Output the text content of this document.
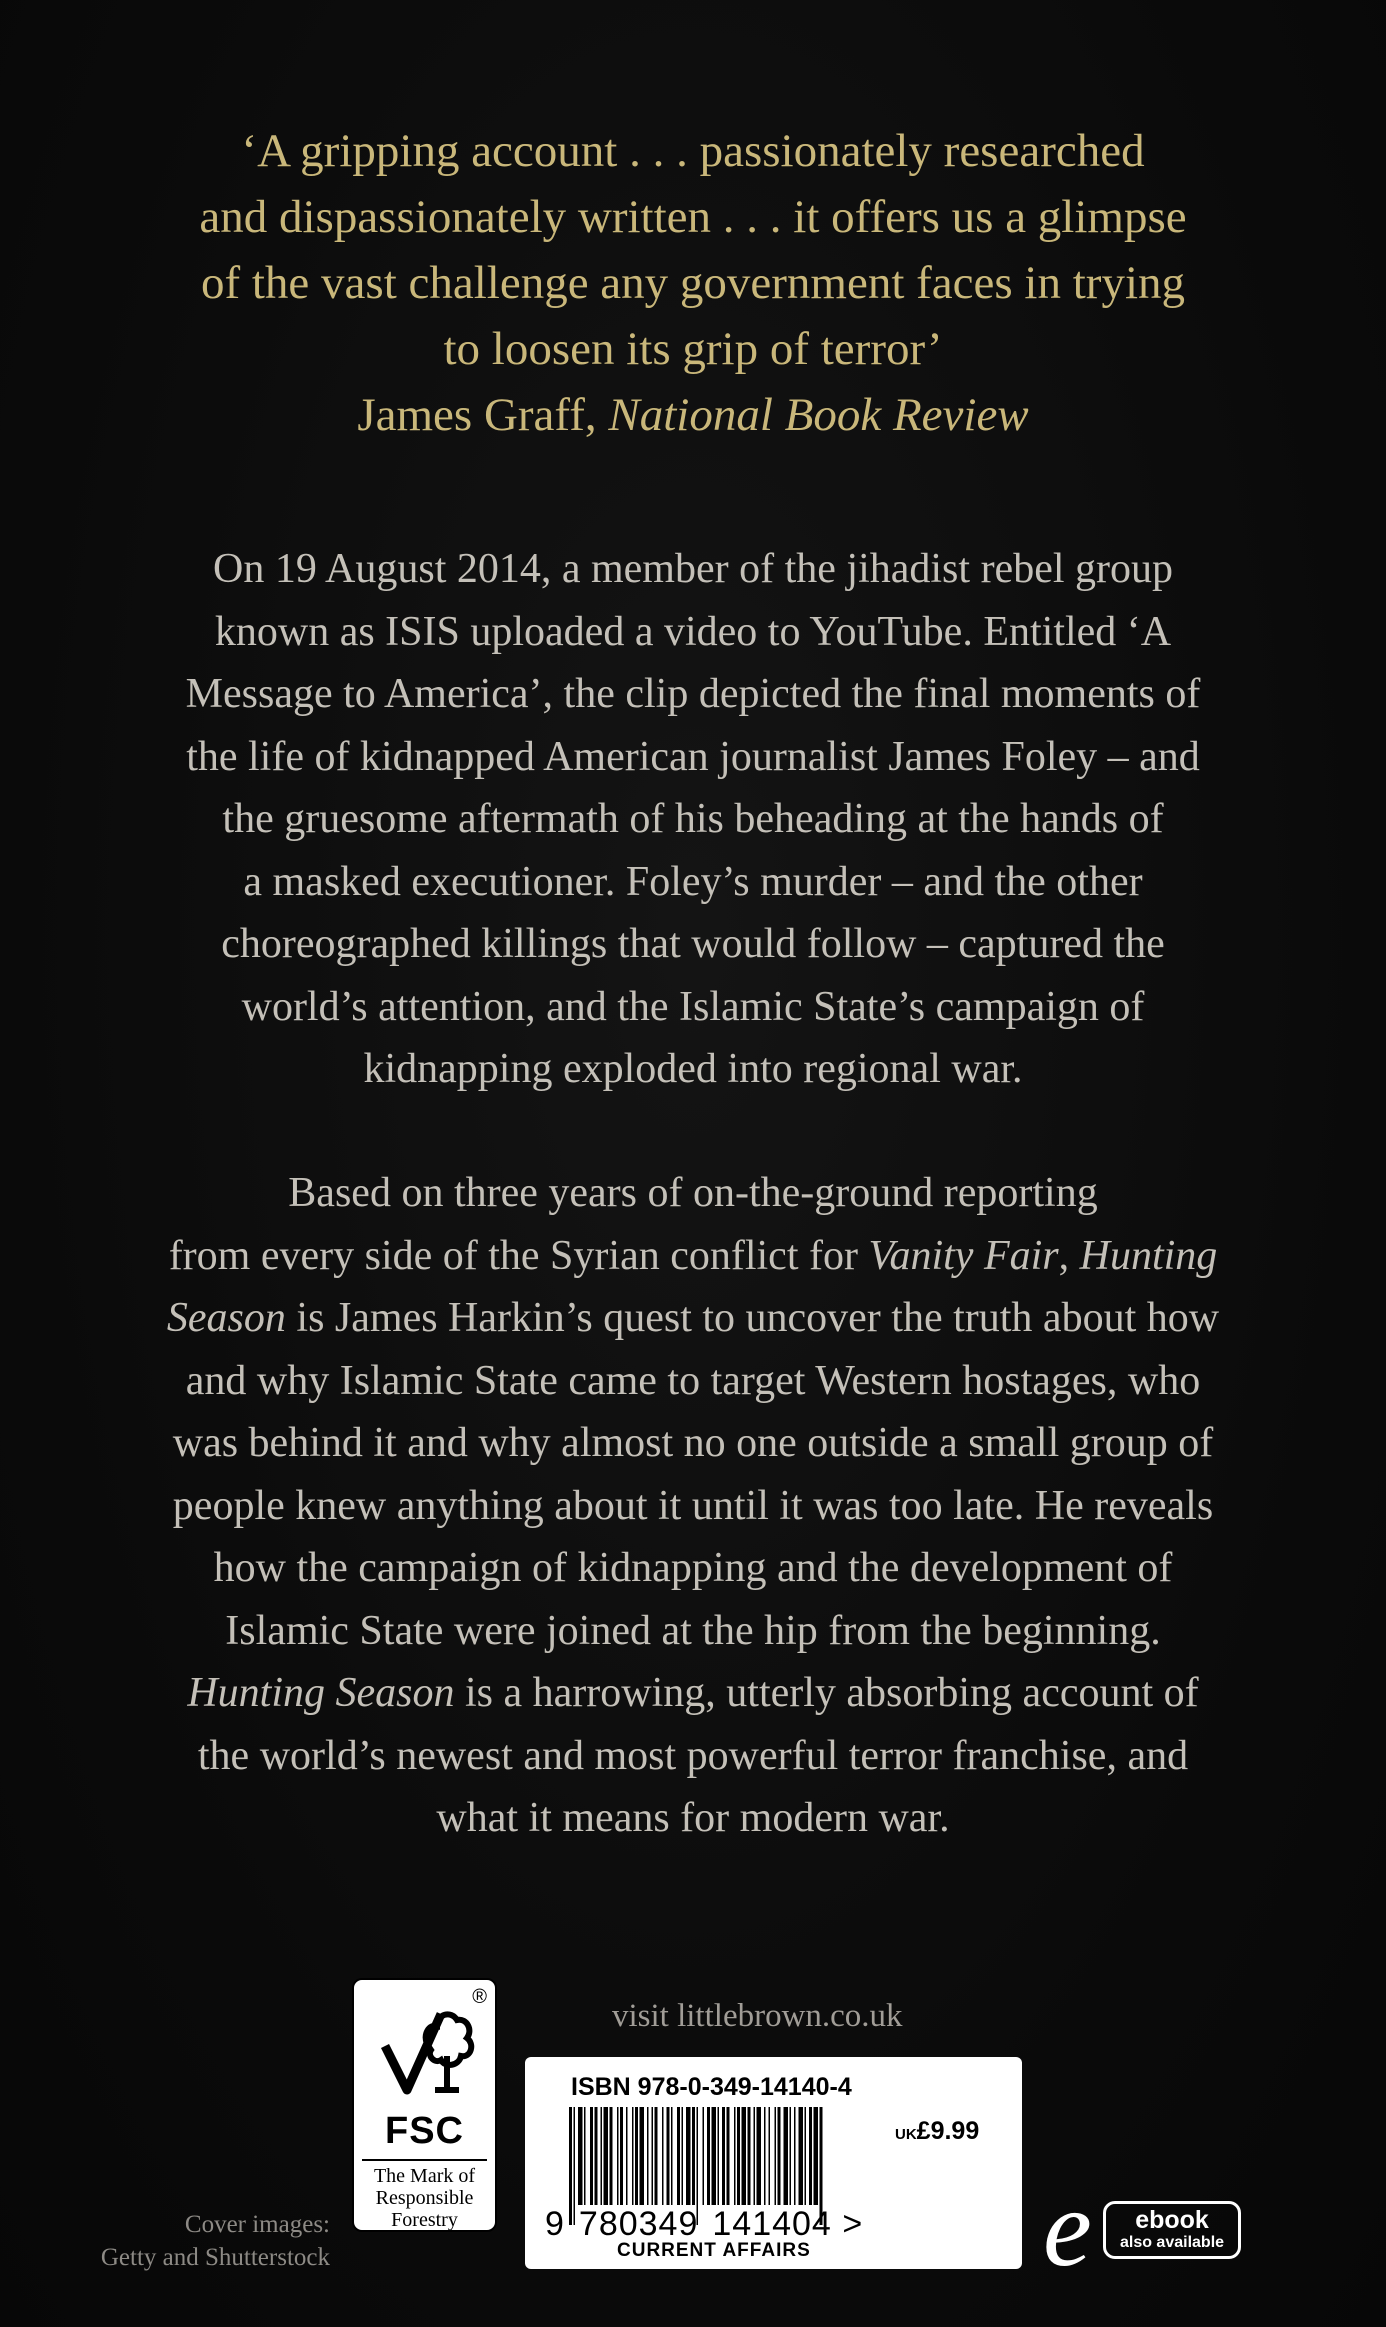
‘A gripping account . . . passionately researched
and dispassionately written . . . it offers us a glimpse
of the vast challenge any government faces in trying
to loosen its grip of terror’
James Graff, National Book Review
On 19 August 2014, a member of the jihadist rebel group
known as ISIS uploaded a video to YouTube. Entitled ‘A
Message to America’, the clip depicted the final moments of
the life of kidnapped American journalist James Foley – and
the gruesome aftermath of his beheading at the hands of
a masked executioner. Foley’s murder – and the other
choreographed killings that would follow – captured the
world’s attention, and the Islamic State’s campaign of
kidnapping exploded into regional war.
Based on three years of on-the-ground reporting
from every side of the Syrian conflict for Vanity Fair, Hunting
Season is James Harkin’s quest to uncover the truth about how
and why Islamic State came to target Western hostages, who
was behind it and why almost no one outside a small group of
people knew anything about it until it was too late. He reveals
how the campaign of kidnapping and the development of
Islamic State were joined at the hip from the beginning.
Hunting Season is a harrowing, utterly absorbing account of
the world’s newest and most powerful terror franchise, and
what it means for modern war.
®
FSC
The Mark of
Responsible
Forestry
Cover images:
Getty and Shutterstock
visit littlebrown.co.uk
ISBN 978-0-349-14140-4
UK£9.99
9 780349 141404 >
CURRENT AFFAIRS e	ebook
also available
